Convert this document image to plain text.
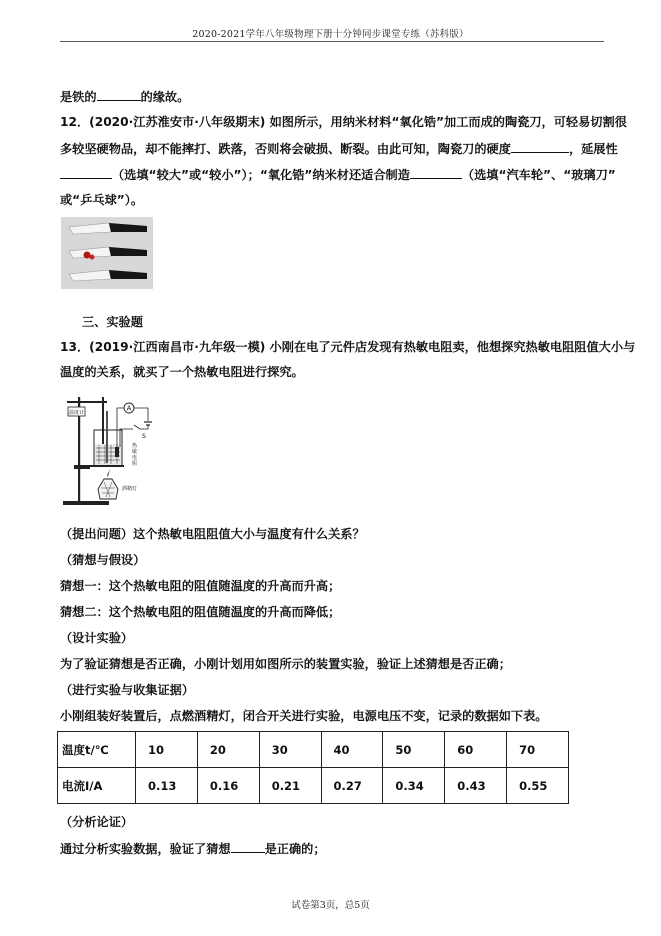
2020-2021学年八年级物理下册十分钟同步课堂专练（苏科版）
是铁的	的缘故。
12．(2020·江苏淮安市·八年级期末) 如图所示，用纳米材料“氧化锆”加工而成的陶瓷刀，可轻易切割很
多较坚硬物品，却不能摔打、跌落，否则将会破损、断裂。由此可知，陶瓷刀的硬度	，延展性
（选填“较大”或“较小”）；“氧化锆”纳米材还适合制造	（选填“汽车轮”、“玻璃刀”
或“乒乓球”）。
三、实验题
13．(2019·江西南昌市·九年级一模) 小刚在电了元件店发现有热敏电阻卖，他想探究热敏电阻阻值大小与
温度的关系，就买了一个热敏电阻进行探究。
温度计
A
S
热
敏
电
阻
酒精灯
（提出问题）这个热敏电阻阻值大小与温度有什么关系？
（猜想与假设）
猜想一：这个热敏电阻的阻值随温度的升高而升高；
猜想二：这个热敏电阻的阻值随温度的升高而降低；
（设计实验）
为了验证猜想是否正确，小刚计划用如图所示的装置实验，验证上述猜想是否正确；
（进行实验与收集证据）
小刚组装好装置后，点燃酒精灯，闭合开关进行实验，电源电压不变，记录的数据如下表。
温度t/℃	10	20	30	40	50	60	70
电流I/A	0.13	0.16	0.21	0.27	0.34	0.43	0.55
（分析论证）
通过分析实验数据，验证了猜想	是正确的；
试卷第3页，总5页
